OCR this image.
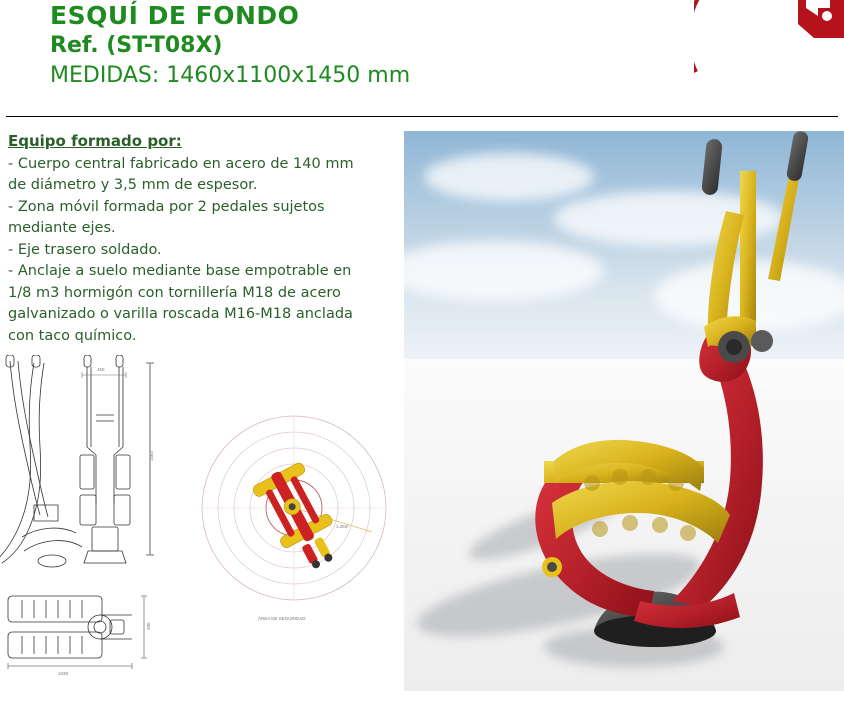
ESQUÍ DE FONDO
Ref. (ST-T08X)
MEDIDAS: 1460x1100x1450 mm
Equipo formado por:
- Cuerpo central fabricado en acero de 140 mm
de diámetro y 3,5 mm de espesor.
- Zona móvil formada por 2 pedales sujetos
mediante ejes.
- Eje trasero soldado.
- Anclaje a suelo mediante base empotrable en
1/8 m3 hormigón con tornillería M18 de acero
galvanizado o varilla roscada M16-M18 anclada
con taco químico.
450
1562
1038
480
1,25m
ÁREA DE SEGURIDAD
